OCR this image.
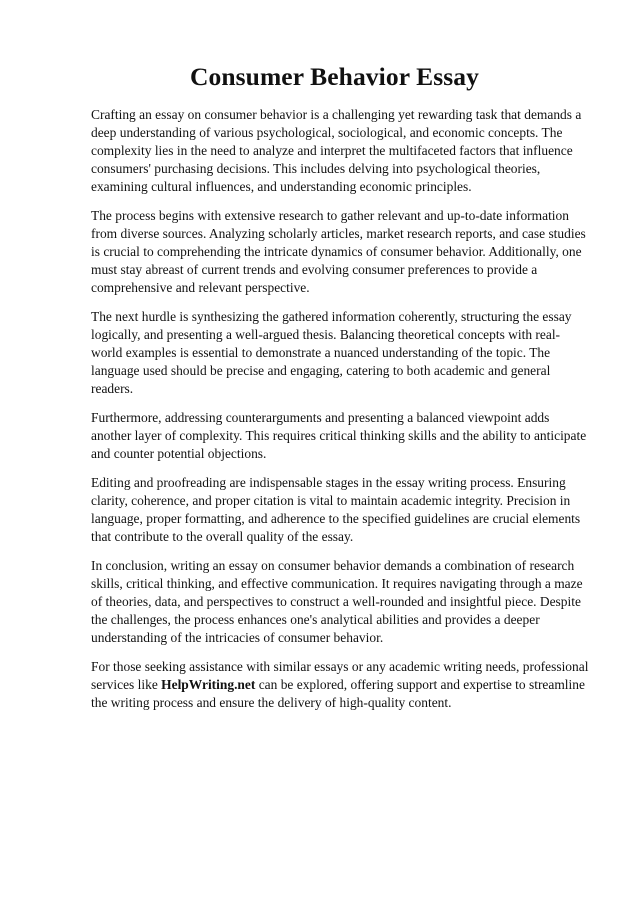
Consumer Behavior Essay

Crafting an essay on consumer behavior is a challenging yet rewarding task that demands a deep understanding of various psychological, sociological, and economic concepts. The complexity lies in the need to analyze and interpret the multifaceted factors that influence consumers' purchasing decisions. This includes delving into psychological theories, examining cultural influences, and understanding economic principles.

The process begins with extensive research to gather relevant and up-to-date information from diverse sources. Analyzing scholarly articles, market research reports, and case studies is crucial to comprehending the intricate dynamics of consumer behavior. Additionally, one must stay abreast of current trends and evolving consumer preferences to provide a comprehensive and relevant perspective.

The next hurdle is synthesizing the gathered information coherently, structuring the essay logically, and presenting a well-argued thesis. Balancing theoretical concepts with real-world examples is essential to demonstrate a nuanced understanding of the topic. The language used should be precise and engaging, catering to both academic and general readers.

Furthermore, addressing counterarguments and presenting a balanced viewpoint adds another layer of complexity. This requires critical thinking skills and the ability to anticipate and counter potential objections.

Editing and proofreading are indispensable stages in the essay writing process. Ensuring clarity, coherence, and proper citation is vital to maintain academic integrity. Precision in language, proper formatting, and adherence to the specified guidelines are crucial elements that contribute to the overall quality of the essay.

In conclusion, writing an essay on consumer behavior demands a combination of research skills, critical thinking, and effective communication. It requires navigating through a maze of theories, data, and perspectives to construct a well-rounded and insightful piece. Despite the challenges, the process enhances one's analytical abilities and provides a deeper understanding of the intricacies of consumer behavior.

For those seeking assistance with similar essays or any academic writing needs, professional services like HelpWriting.net can be explored, offering support and expertise to streamline the writing process and ensure the delivery of high-quality content.
